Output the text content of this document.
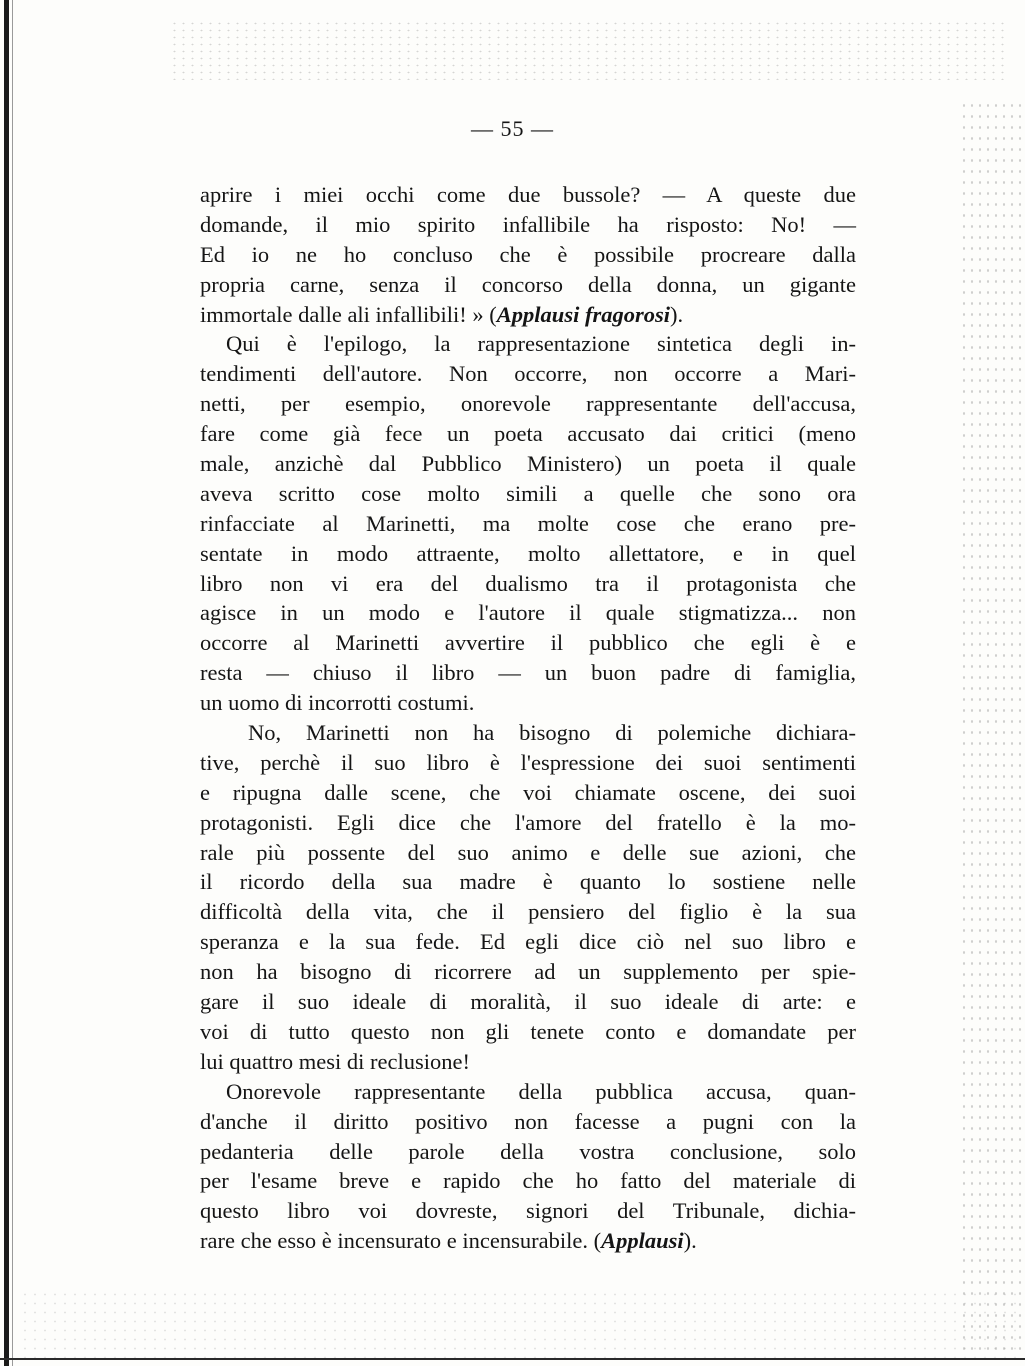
— 55 —
aprire i miei occhi come due bussole? — A queste due
domande, il mio spirito infallibile ha risposto: No! —
Ed io ne ho concluso che è possibile procreare dalla
propria carne, senza il concorso della donna, un gigante
immortale dalle ali infallibili! » (Applausi fragorosi).
Qui è l'epilogo, la rappresentazione sintetica degli in-
tendimenti dell'autore. Non occorre, non occorre a Mari-
netti, per esempio, onorevole rappresentante dell'accusa,
fare come già fece un poeta accusato dai critici (meno
male, anzichè dal Pubblico Ministero) un poeta il quale
aveva scritto cose molto simili a quelle che sono ora
rinfacciate al Marinetti, ma molte cose che erano pre-
sentate in modo attraente, molto allettatore, e in quel
libro non vi era del dualismo tra il protagonista che
agisce in un modo e l'autore il quale stigmatizza... non
occorre al Marinetti avvertire il pubblico che egli è e
resta — chiuso il libro — un buon padre di famiglia,
un uomo di incorrotti costumi.
No, Marinetti non ha bisogno di polemiche dichiara-
tive, perchè il suo libro è l'espressione dei suoi sentimenti
e ripugna dalle scene, che voi chiamate oscene, dei suoi
protagonisti. Egli dice che l'amore del fratello è la mo-
rale più possente del suo animo e delle sue azioni, che
il ricordo della sua madre è quanto lo sostiene nelle
difficoltà della vita, che il pensiero del figlio è la sua
speranza e la sua fede. Ed egli dice ciò nel suo libro e
non ha bisogno di ricorrere ad un supplemento per spie-
gare il suo ideale di moralità, il suo ideale di arte: e
voi di tutto questo non gli tenete conto e domandate per
lui quattro mesi di reclusione!
Onorevole rappresentante della pubblica accusa, quan-
d'anche il diritto positivo non facesse a pugni con la
pedanteria delle parole della vostra conclusione, solo
per l'esame breve e rapido che ho fatto del materiale di
questo libro voi dovreste, signori del Tribunale, dichia-
rare che esso è incensurato e incensurabile. (Applausi).
